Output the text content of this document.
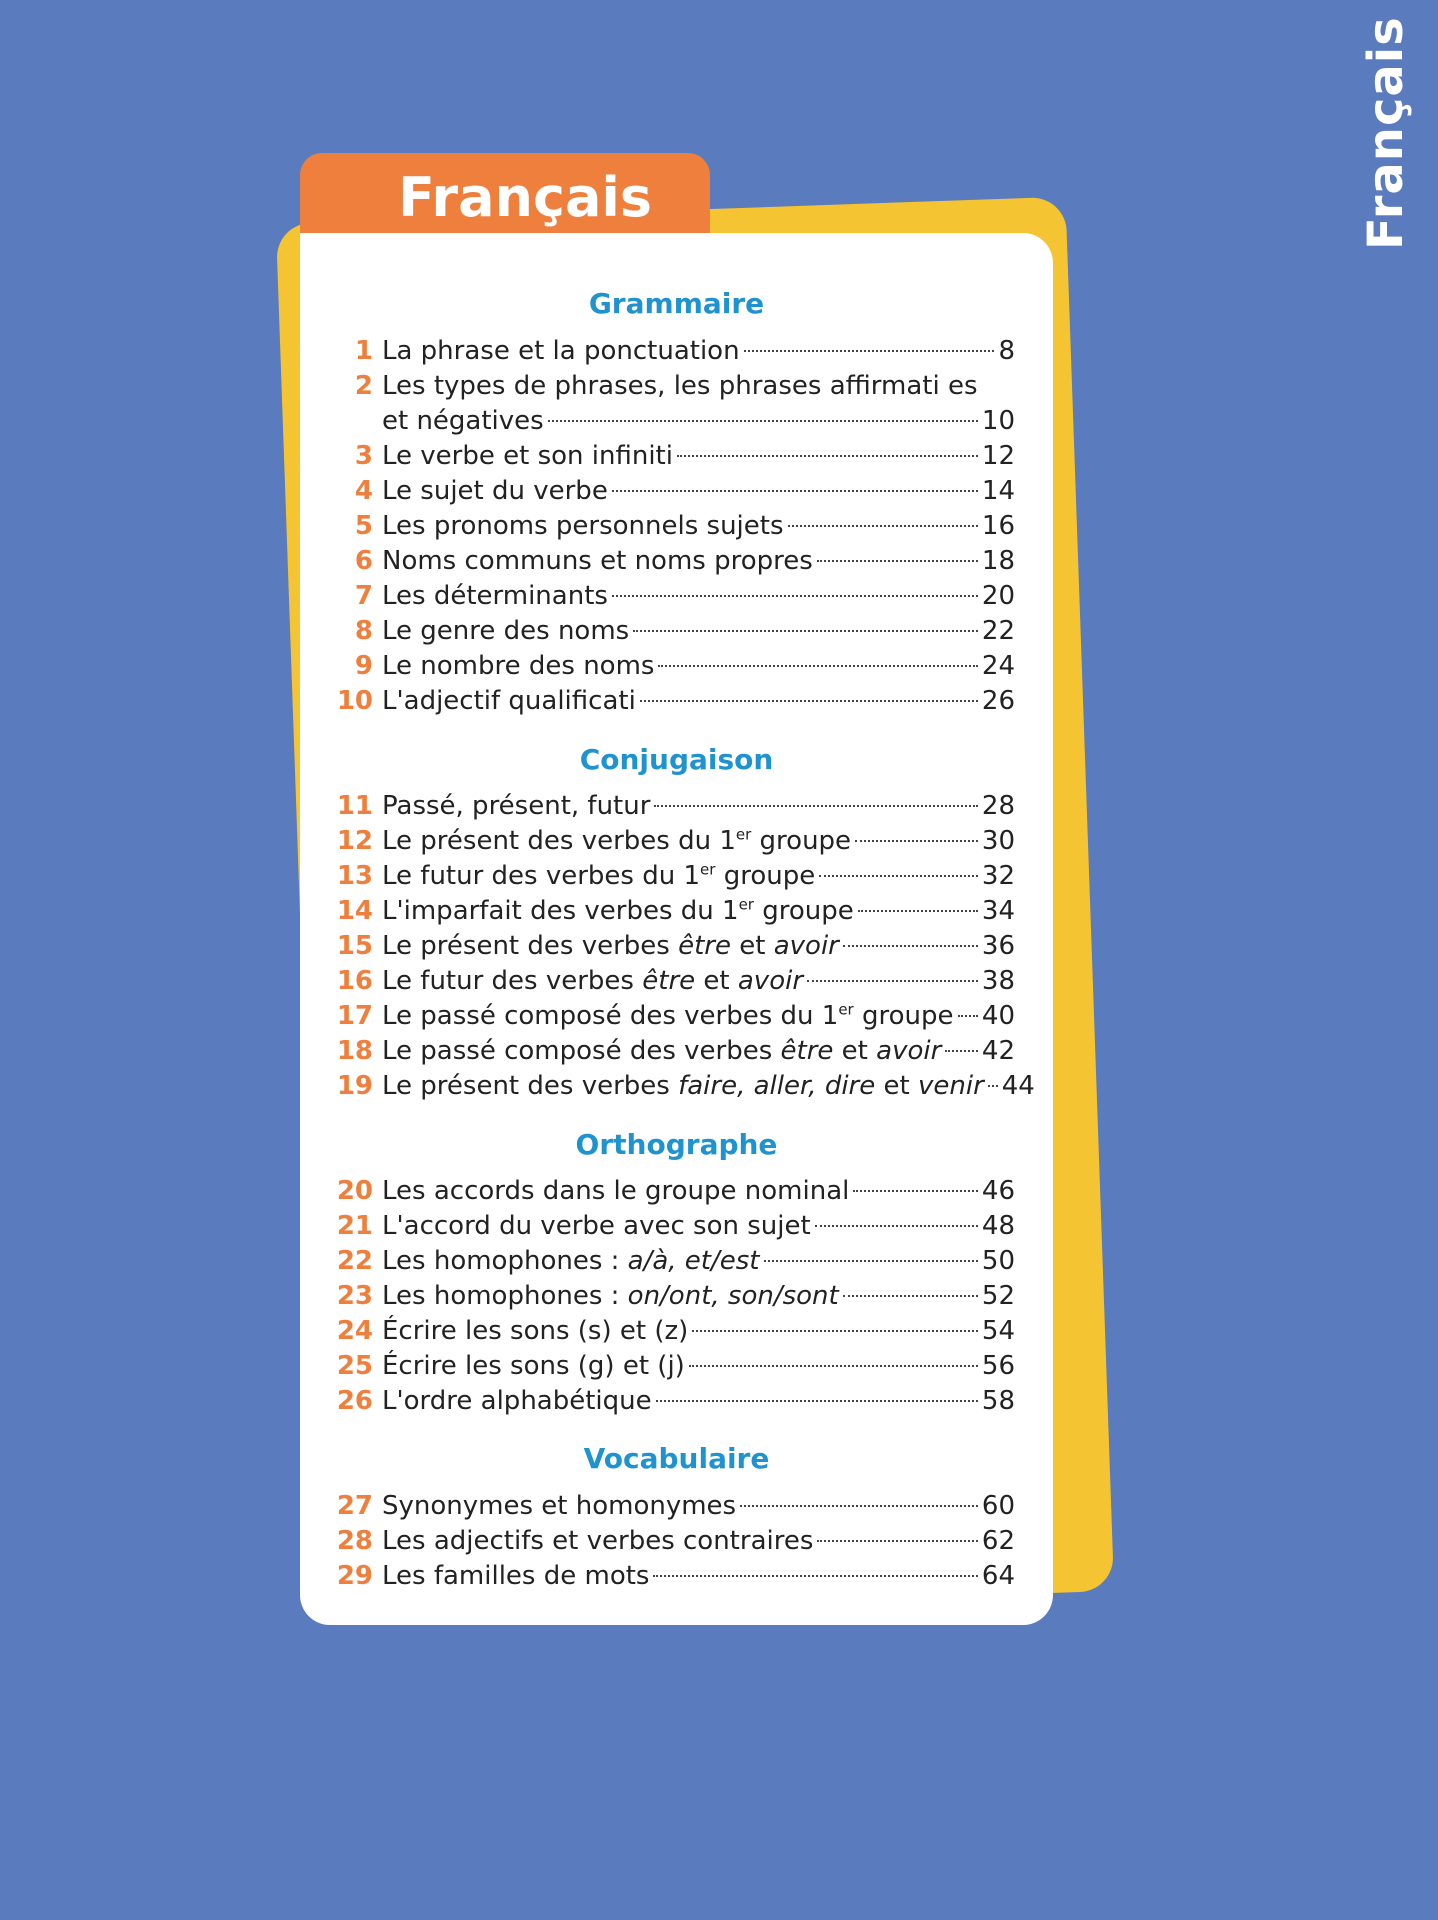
Français
Français
Grammaire
1 La phrase et la ponctuation	8
2 Les types de phrases, les phrases affirmati es
et négatives	10
3 Le verbe et son infiniti	12
4 Le sujet du verbe	14
5 Les pronoms personnels sujets	16
6 Noms communs et noms propres	18
7 Les déterminants	20
8 Le genre des noms	22
9 Le nombre des noms	24
10 L'adjectif qualificati	26
Conjugaison
11 Passé, présent, futur	28
12 Le présent des verbes du 1er groupe	30
13 Le futur des verbes du 1er groupe	32
14 L'imparfait des verbes du 1er groupe	34
15 Le présent des verbes être et avoir	36
16 Le futur des verbes être et avoir	38
17 Le passé composé des verbes du 1er groupe 40
18 Le passé composé des verbes être et avoir 42
19 Le présent des verbes faire, aller, dire et venir 44
Orthographe
20 Les accords dans le groupe nominal	46
21 L'accord du verbe avec son sujet	48
22 Les homophones : a/à, et/est	50
23 Les homophones : on/ont, son/sont	52
24 Écrire les sons (s) et (z)	54
25 Écrire les sons (g) et (j)	56
26 L'ordre alphabétique	58
Vocabulaire
27 Synonymes et homonymes	60
28 Les adjectifs et verbes contraires	62
29 Les familles de mots	64
